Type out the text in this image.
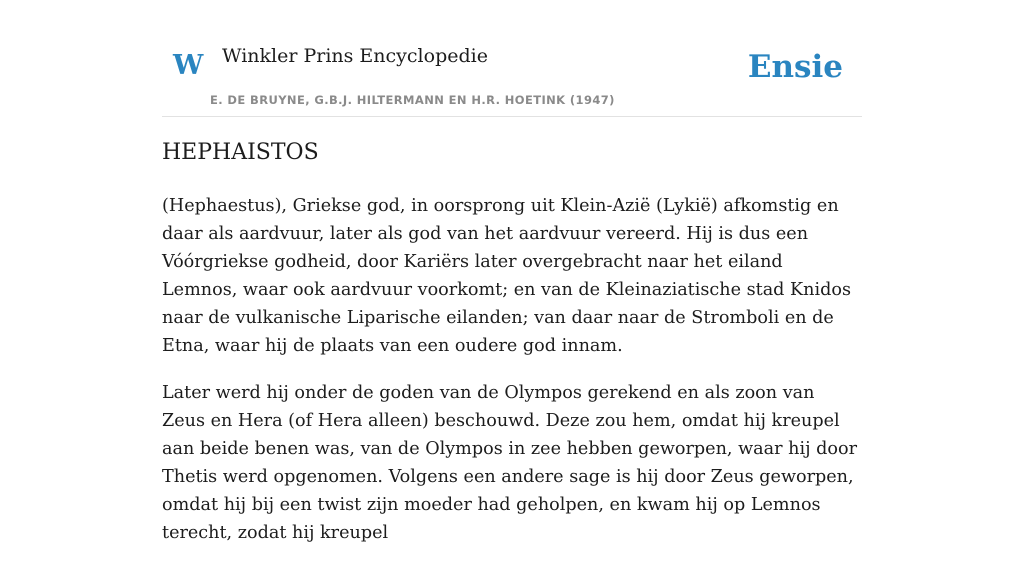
W Winkler Prins Encyclopedie
E. DE BRUYNE, G.B.J. HILTERMANN EN H.R. HOETINK (1947)
Ensie
HEPHAISTOS

(Hephaestus), Griekse god, in oorsprong uit Klein-Azië (Lykië) afkomstig en daar als aardvuur, later als god van het aardvuur vereerd. Hij is dus een Vóórgriekse godheid, door Kariërs later overgebracht naar het eiland Lemnos, waar ook aardvuur voorkomt; en van de Kleinaziatische stad Knidos naar de vulkanische Liparische eilanden; van daar naar de Stromboli en de Etna, waar hij de plaats van een oudere god innam.

Later werd hij onder de goden van de Olympos gerekend en als zoon van Zeus en Hera (of Hera alleen) beschouwd. Deze zou hem, omdat hij kreupel aan beide benen was, van de Olympos in zee hebben geworpen, waar hij door Thetis werd opgenomen. Volgens een andere sage is hij door Zeus geworpen, omdat hij bij een twist zijn moeder had geholpen, en kwam hij op Lemnos terecht, zodat hij kreupel
